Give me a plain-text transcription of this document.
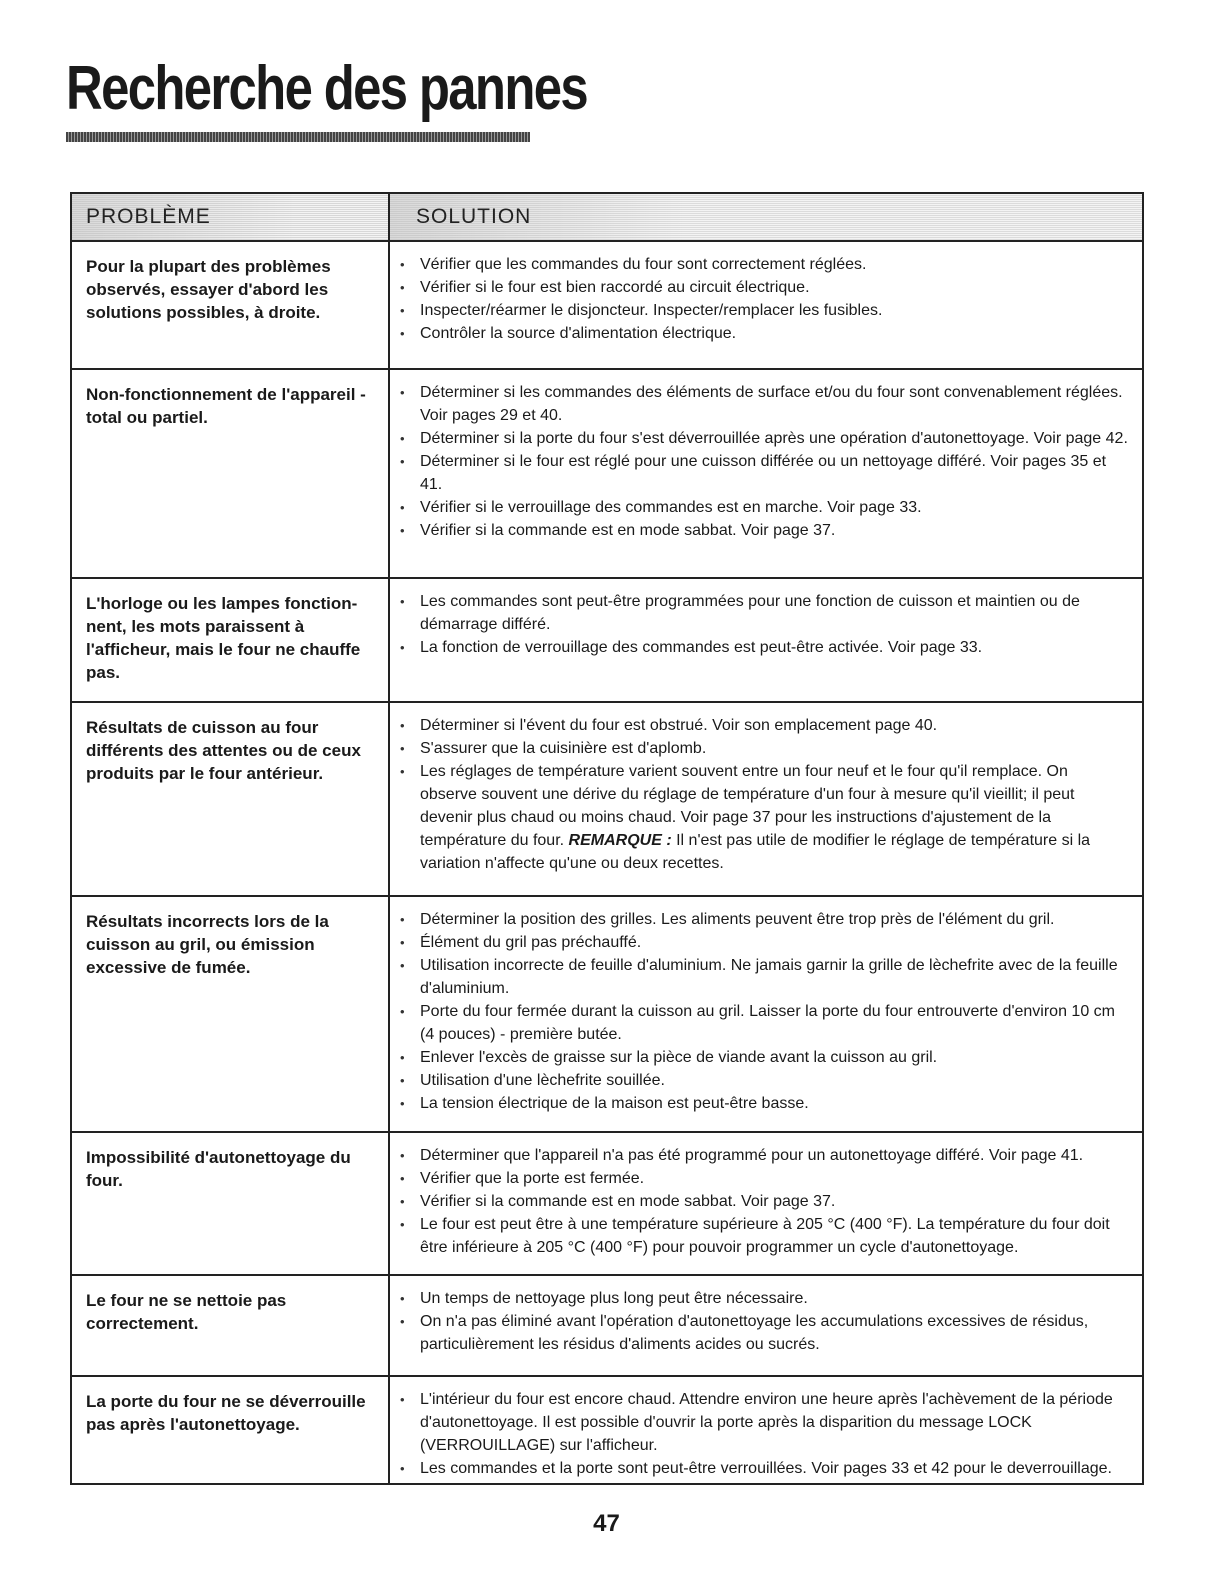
Recherche des pannes
PROBLÈME	SOLUTION
Pour la plupart des problèmes observés, essayer d'abord les solutions possibles, à droite.
• Vérifier que les commandes du four sont correctement réglées.
• Vérifier si le four est bien raccordé au circuit électrique.
• Inspecter/réarmer le disjoncteur. Inspecter/remplacer les fusibles.
• Contrôler la source d'alimentation électrique.
Non-fonctionnement de l'appareil - total ou partiel.
• Déterminer si les commandes des éléments de surface et/ou du four sont convenablement réglées. Voir pages 29 et 40.
• Déterminer si la porte du four s'est déverrouillée après une opération d'autonettoyage. Voir page 42.
• Déterminer si le four est réglé pour une cuisson différée ou un nettoyage différé. Voir pages 35 et 41.
• Vérifier si le verrouillage des commandes est en marche. Voir page 33.
• Vérifier si la commande est en mode sabbat. Voir page 37.
L'horloge ou les lampes fonction- nent, les mots paraissent à l'afficheur, mais le four ne chauffe pas.
• Les commandes sont peut-être programmées pour une fonction de cuisson et maintien ou de démarrage différé.
• La fonction de verrouillage des commandes est peut-être activée. Voir page 33.
Résultats de cuisson au four différents des attentes ou de ceux produits par le four antérieur.
• Déterminer si l'évent du four est obstrué. Voir son emplacement page 40.
• S'assurer que la cuisinière est d'aplomb.
• Les réglages de température varient souvent entre un four neuf et le four qu'il remplace. On observe souvent une dérive du réglage de température d'un four à mesure qu'il vieillit; il peut devenir plus chaud ou moins chaud. Voir page 37 pour les instructions d'ajustement de la température du four. REMARQUE : Il n'est pas utile de modifier le réglage de température si la variation n'affecte qu'une ou deux recettes.
Résultats incorrects lors de la cuisson au gril, ou émission excessive de fumée.
• Déterminer la position des grilles. Les aliments peuvent être trop près de l'élément du gril.
• Élément du gril pas préchauffé.
• Utilisation incorrecte de feuille d'aluminium. Ne jamais garnir la grille de lèchefrite avec de la feuille d'aluminium.
• Porte du four fermée durant la cuisson au gril. Laisser la porte du four entrouverte d'environ 10 cm (4 pouces) - première butée.
• Enlever l'excès de graisse sur la pièce de viande avant la cuisson au gril.
• Utilisation d'une lèchefrite souillée.
• La tension électrique de la maison est peut-être basse.
Impossibilité d'autonettoyage du four.
• Déterminer que l'appareil n'a pas été programmé pour un autonettoyage différé. Voir page 41.
• Vérifier que la porte est fermée.
• Vérifier si la commande est en mode sabbat. Voir page 37.
• Le four est peut être à une température supérieure à 205 °C (400 °F). La température du four doit être inférieure à 205 °C (400 °F) pour pouvoir programmer un cycle d'autonettoyage.
Le four ne se nettoie pas correctement.
• Un temps de nettoyage plus long peut être nécessaire.
• On n'a pas éliminé avant l'opération d'autonettoyage les accumulations excessives de résidus, particulièrement les résidus d'aliments acides ou sucrés.
La porte du four ne se déverrouille pas après l'autonettoyage.
• L'intérieur du four est encore chaud. Attendre environ une heure après l'achèvement de la période d'autonettoyage. Il est possible d'ouvrir la porte après la disparition du message LOCK (VERROUILLAGE) sur l'afficheur.
• Les commandes et la porte sont peut-être verrouillées. Voir pages 33 et 42 pour le deverrouillage.
47
